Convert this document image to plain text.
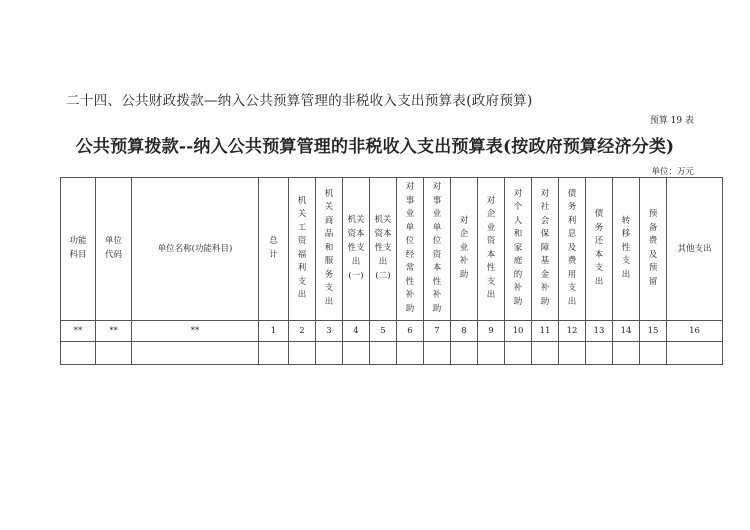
二十四、公共财政拨款—纳入公共预算管理的非税收入支出预算表(政府预算)
预算 19 表
公共预算拨款--纳入公共预算管理的非税收入支出预算表(按政府预算经济分类)
单位：万元
功能科目	单位代码	单位名称(功能科目)	总计	机关工资福利支出	机关商品和服务支出	机关资本性支出(一)	机关资本性支出(二)	对事业单位经常性补助	对事业单位资本性补助	对企业补助	对企业资本性支出	对个人和家庭的补助	对社会保障基金补助	债务利息及费用支出	债务还本支出	转移性支出	预备费及预留	其他支出
**	**	**	1	2	3	4	5	6	7	8	9	10	11	12	13	14	15	16
